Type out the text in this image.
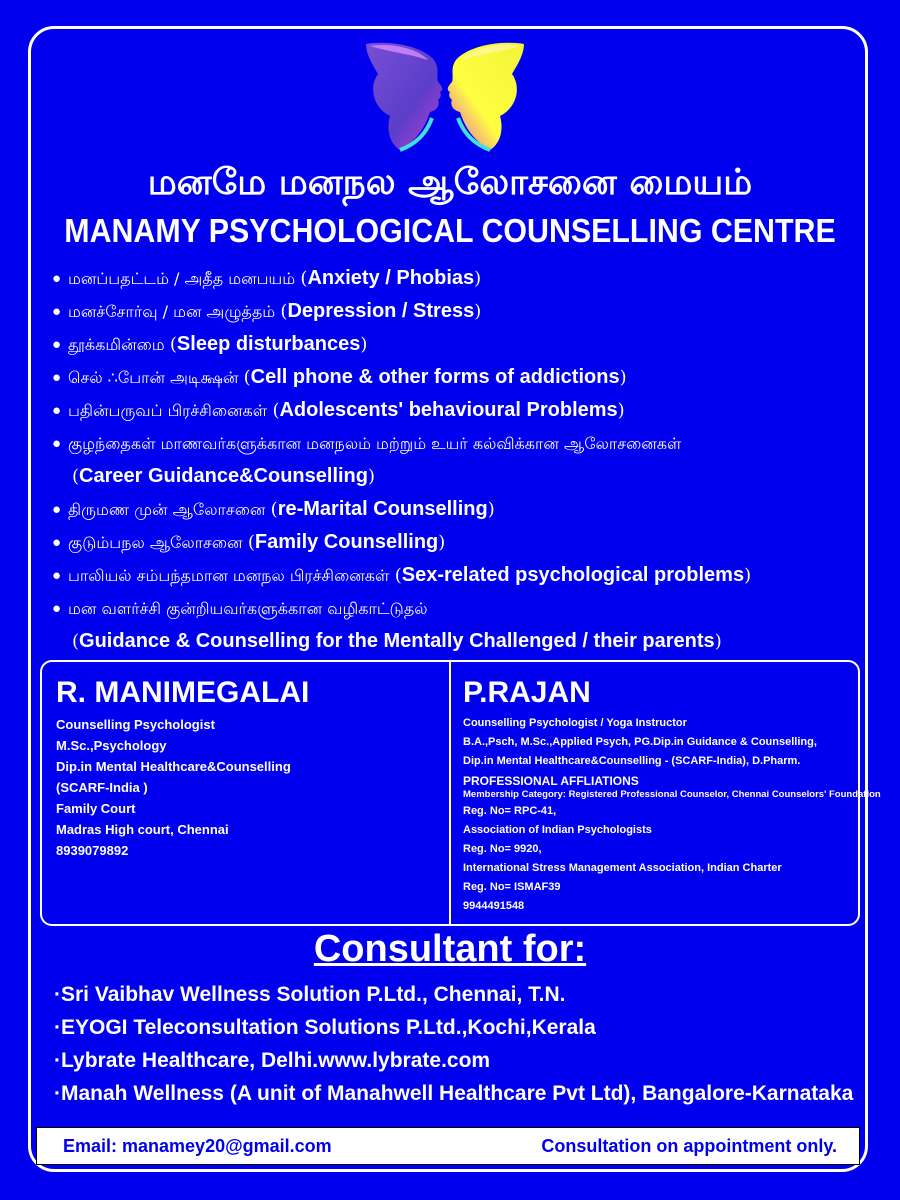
மனமே மனநல ஆலோசனை மையம்
MANAMY PSYCHOLOGICAL COUNSELLING CENTRE
● மனப்பதட்டம் / அதீத மனபயம் (Anxiety / Phobias)
● மனச்சோர்வு / மன அழுத்தம் (Depression / Stress)
● தூக்கமின்மை (Sleep disturbances)
● செல் ∴போன் அடிக்ஷன் (Cell phone & other forms of addictions)
● பதின்பருவப் பிரச்சினைகள் (Adolescents' behavioural Problems)
● குழந்தைகள் மாணவர்களுக்கான மனநலம் மற்றும் உயர் கல்விக்கான ஆலோசனைகள்
(Career Guidance&Counselling)
● திருமண முன் ஆலோசனை (re-Marital Counselling)
● குடும்பநல ஆலோசனை (Family Counselling)
● பாலியல் சம்பந்தமான மனநல பிரச்சினைகள் (Sex-related psychological problems)
● மன வளர்ச்சி குன்றியவர்களுக்கான வழிகாட்டுதல்
(Guidance & Counselling for the Mentally Challenged / their parents)
R. MANIMEGALAI
Counselling Psychologist
M.Sc.,Psychology
Dip.in Mental Healthcare&Counselling
(SCARF-India )
Family Court
Madras High court, Chennai
8939079892
P.RAJAN
Counselling Psychologist / Yoga Instructor
B.A.,Psch, M.Sc.,Applied Psych, PG.Dip.in Guidance & Counselling,
Dip.in Mental Healthcare&Counselling - (SCARF-India), D.Pharm.
PROFESSIONAL AFFLIATIONS
Membership Category: Registered Professional Counselor, Chennai Counselors' Foundation
Reg. No= RPC-41,
Association of Indian Psychologists
Reg. No= 9920,
International Stress Management Association, Indian Charter
Reg. No= ISMAF39
9944491548
Consultant for:
·Sri Vaibhav Wellness Solution P.Ltd., Chennai, T.N.
·EYOGI Teleconsultation Solutions P.Ltd.,Kochi,Kerala
·Lybrate Healthcare, Delhi.www.lybrate.com
·Manah Wellness (A unit of Manahwell Healthcare Pvt Ltd), Bangalore-Karnataka
Email: manamey20@gmail.com	Consultation on appointment only.
